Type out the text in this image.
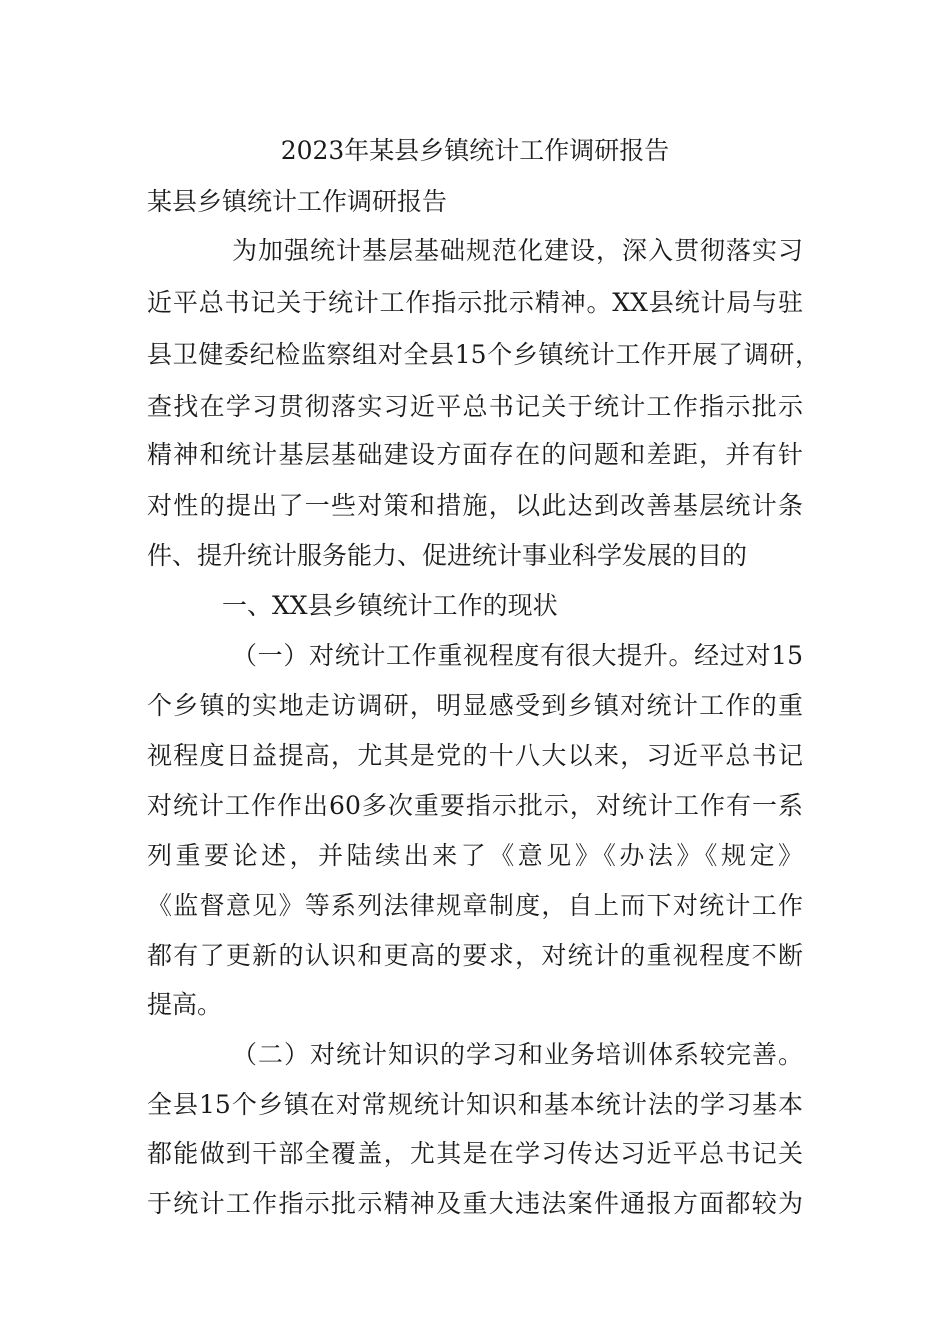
2023年某县乡镇统计工作调研报告
某县乡镇统计工作调研报告
为加强统计基层基础规范化建设，深入贯彻落实习
近平总书记关于统计工作指示批示精神。XX县统计局与驻
县卫健委纪检监察组对全县15个乡镇统计工作开展了调研，
查找在学习贯彻落实习近平总书记关于统计工作指示批示
精神和统计基层基础建设方面存在的问题和差距，并有针
对性的提出了一些对策和措施，以此达到改善基层统计条
件、提升统计服务能力、促进统计事业科学发展的目的
一、XX县乡镇统计工作的现状
（一）对统计工作重视程度有很大提升。经过对15
个乡镇的实地走访调研，明显感受到乡镇对统计工作的重
视程度日益提高，尤其是党的十八大以来，习近平总书记
对统计工作作出60多次重要指示批示，对统计工作有一系
列重要论述，并陆续出来了《意见》《办法》《规定》
《监督意见》等系列法律规章制度，自上而下对统计工作
都有了更新的认识和更高的要求，对统计的重视程度不断
提高。
（二）对统计知识的学习和业务培训体系较完善。
全县15个乡镇在对常规统计知识和基本统计法的学习基本
都能做到干部全覆盖，尤其是在学习传达习近平总书记关
于统计工作指示批示精神及重大违法案件通报方面都较为
